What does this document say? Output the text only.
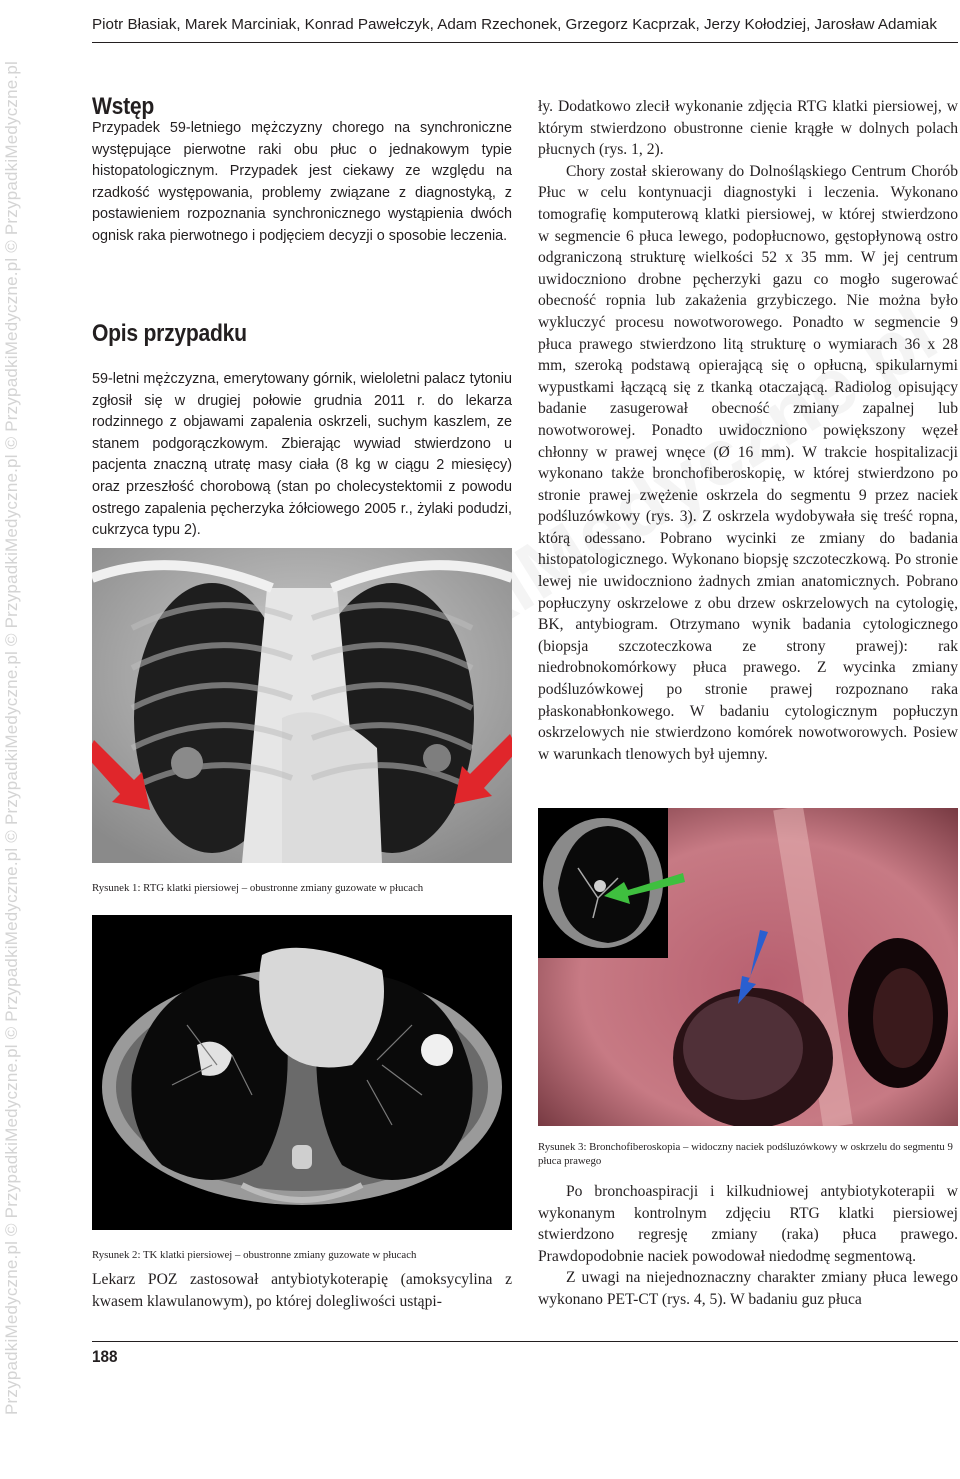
PrzypadkiMedyczne.pl © PrzypadkiMedyczne.pl © PrzypadkiMedyczne.pl © PrzypadkiMedyczne.pl © PrzypadkiMedyczne.pl © PrzypadkiMedyczne.pl © PrzypadkiMedyczne.pl
Piotr Błasiak, Marek Marciniak, Konrad Pawełczyk, Adam Rzechonek, Grzegorz Kacprzak, Jerzy Kołodziej, Jarosław Adamiak
Wstęp

Przypadek 59-letniego mężczyzny chorego na synchroniczne występujące pierwotne raki obu płuc o jednakowym typie histopatologicznym. Przypadek jest ciekawy ze względu na rzadkość występowania, problemy związane z diagnostyką, z postawieniem rozpoznania synchronicznego wystąpienia dwóch ognisk raka pierwotnego i podjęciem decyzji o sposobie leczenia.

Opis przypadku

59-letni mężczyzna, emerytowany górnik, wieloletni palacz tytoniu zgłosił się w drugiej połowie grudnia 2011 r. do lekarza rodzinnego z objawami zapalenia oskrzeli, suchym kaszlem, ze stanem podgorączkowym. Zbierając wywiad stwierdzono u pacjenta znaczną utratę masy ciała (8 kg w ciągu 2 miesięcy) oraz przeszłość chorobową (stan po cholecystektomii z powodu ostrego zapalenia pęcherzyka żółciowego 2005 r., żylaki podudzi, cukrzyca typu 2).

Rysunek 1: RTG klatki piersiowej – obustronne zmiany guzowate w płucach

Rysunek 2: TK klatki piersiowej – obustronne zmiany guzowate w płucach

Lekarz POZ zastosował antybiotykoterapię (amoksycylina z kwasem klawulanowym), po której dolegliwości ustąpi-

ły. Dodatkowo zlecił wykonanie zdjęcia RTG klatki piersiowej, w którym stwierdzono obustronne cienie krągłe w dolnych polach płucnych (rys. 1, 2).
Chory został skierowany do Dolnośląskiego Centrum Chorób Płuc w celu kontynuacji diagnostyki i leczenia. Wykonano tomografię komputerową klatki piersiowej, w której stwierdzono w segmencie 6 płuca lewego, podopłucnowo, gęstopłynową ostro odgraniczoną strukturę wielkości 52 x 35 mm. W jej centrum uwidoczniono drobne pęcherzyki gazu co mogło sugerować obecność ropnia lub zakażenia grzybiczego. Nie można było wykluczyć procesu nowotworowego. Ponadto w segmencie 9 płuca prawego stwierdzono litą strukturę o wymiarach 36 x 28 mm, szeroką podstawą opierającą się o opłucną, spikularnymi wypustkami łączącą się z tkanką otaczającą. Radiolog opisujący badanie zasugerował obecność zmiany zapalnej lub nowotworowej. Ponadto uwidoczniono powiększony węzeł chłonny w prawej wnęce (Ø 16 mm). W trakcie hospitalizacji wykonano także bronchofiberoskopię, w której stwierdzono po stronie prawej zwężenie oskrzela do segmentu 9 przez naciek podśluzówkowy (rys. 3). Z oskrzela wydobywała się treść ropna, którą odessano. Pobrano wycinki ze zmiany do badania histopatologicznego. Wykonano biopsję szczoteczkową. Po stronie lewej nie uwidoczniono żadnych zmian anatomicznych. Pobrano popłuczyny oskrzelowe z obu drzew oskrzelowych na cytologię, BK, antybiogram. Otrzymano wynik badania cytologicznego (biopsja szczoteczkowa ze strony prawej): rak niedrobnokomórkowy płuca prawego. Z wycinka zmiany podśluzówkowej po stronie prawej rozpoznano raka płaskonabłonkowego. W badaniu cytologicznym popłuczyn oskrzelowych nie stwierdzono komórek nowotworowych. Posiew w warunkach tlenowych był ujemny.

Rysunek 3: Bronchofiberoskopia – widoczny naciek podśluzówkowy w oskrzelu do segmentu 9 płuca prawego

Po bronchoaspiracji i kilkudniowej antybiotykoterapii w wykonanym kontrolnym zdjęciu RTG klatki piersiowej stwierdzono regresję zmiany (raka) płuca prawego. Prawdopodobnie naciek powodował niedodmę segmentową.
Z uwagi na niejednoznaczny charakter zmiany płuca lewego wykonano PET-CT (rys. 4, 5). W badaniu guz płuca

188
